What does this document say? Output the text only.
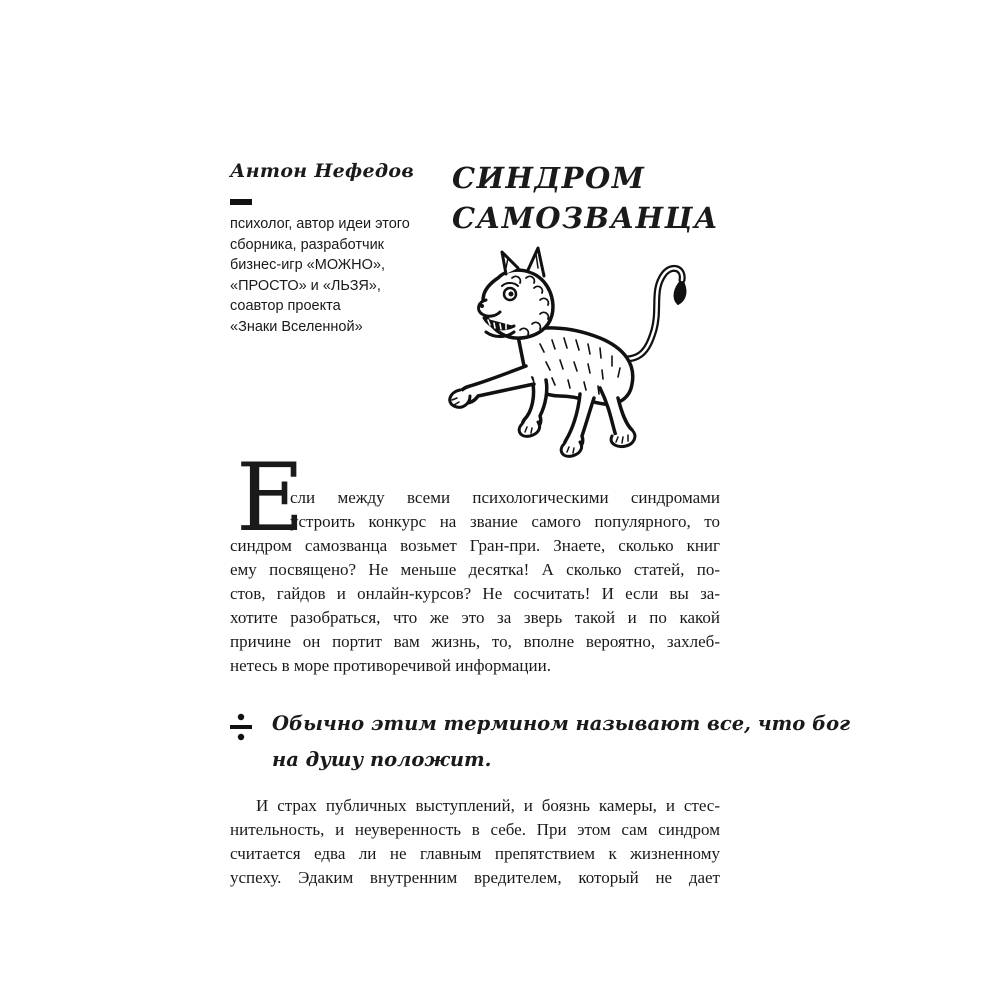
Антон Нефедов
психолог, автор идеи этого
сборника, разработчик
бизнес-игр «МОЖНО»,
«ПРОСТО» и «ЛЬЗЯ»,
соавтор проекта
«Знаки Вселенной»
СИНДРОМ
САМОЗВАНЦА
Е
сли между всеми психологическими синдромами
устроить конкурс на звание самого популярного, то
синдром самозванца возьмет Гран-при. Знаете, сколько книг
ему посвящено? Не меньше десятка! А сколько статей, по-
стов, гайдов и онлайн-курсов? Не сосчитать! И если вы за-
хотите разобраться, что же это за зверь такой и по какой
причине он портит вам жизнь, то, вполне вероятно, захлеб-
нетесь в море противоречивой информации.
Обычно этим термином называют все, что бог
на душу положит.
И страх публичных выступлений, и боязнь камеры, и стес-
нительность, и неуверенность в себе. При этом сам синдром
считается едва ли не главным препятствием к жизненному
успеху. Эдаким внутренним вредителем, который не дает
